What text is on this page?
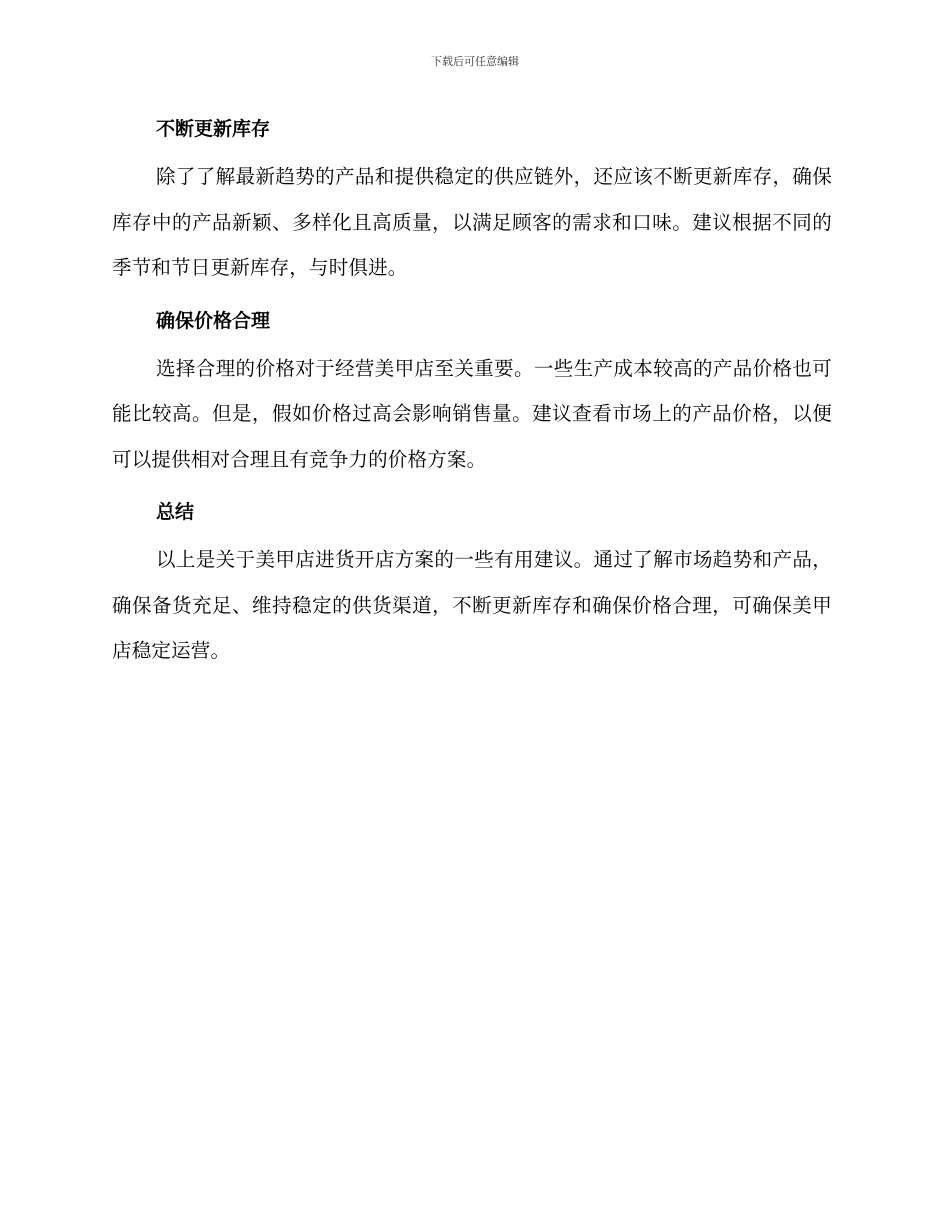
下载后可任意编辑
不断更新库存
除了了解最新趋势的产品和提供稳定的供应链外，还应该不断更新库存，确保库存中的产品新颖、多样化且高质量，以满足顾客的需求和口味。建议根据不同的季节和节日更新库存，与时俱进。
确保价格合理
选择合理的价格对于经营美甲店至关重要。一些生产成本较高的产品价格也可能比较高。但是，假如价格过高会影响销售量。建议查看市场上的产品价格，以便可以提供相对合理且有竞争力的价格方案。
总结
以上是关于美甲店进货开店方案的一些有用建议。通过了解市场趋势和产品，确保备货充足、维持稳定的供货渠道，不断更新库存和确保价格合理，可确保美甲店稳定运营。
